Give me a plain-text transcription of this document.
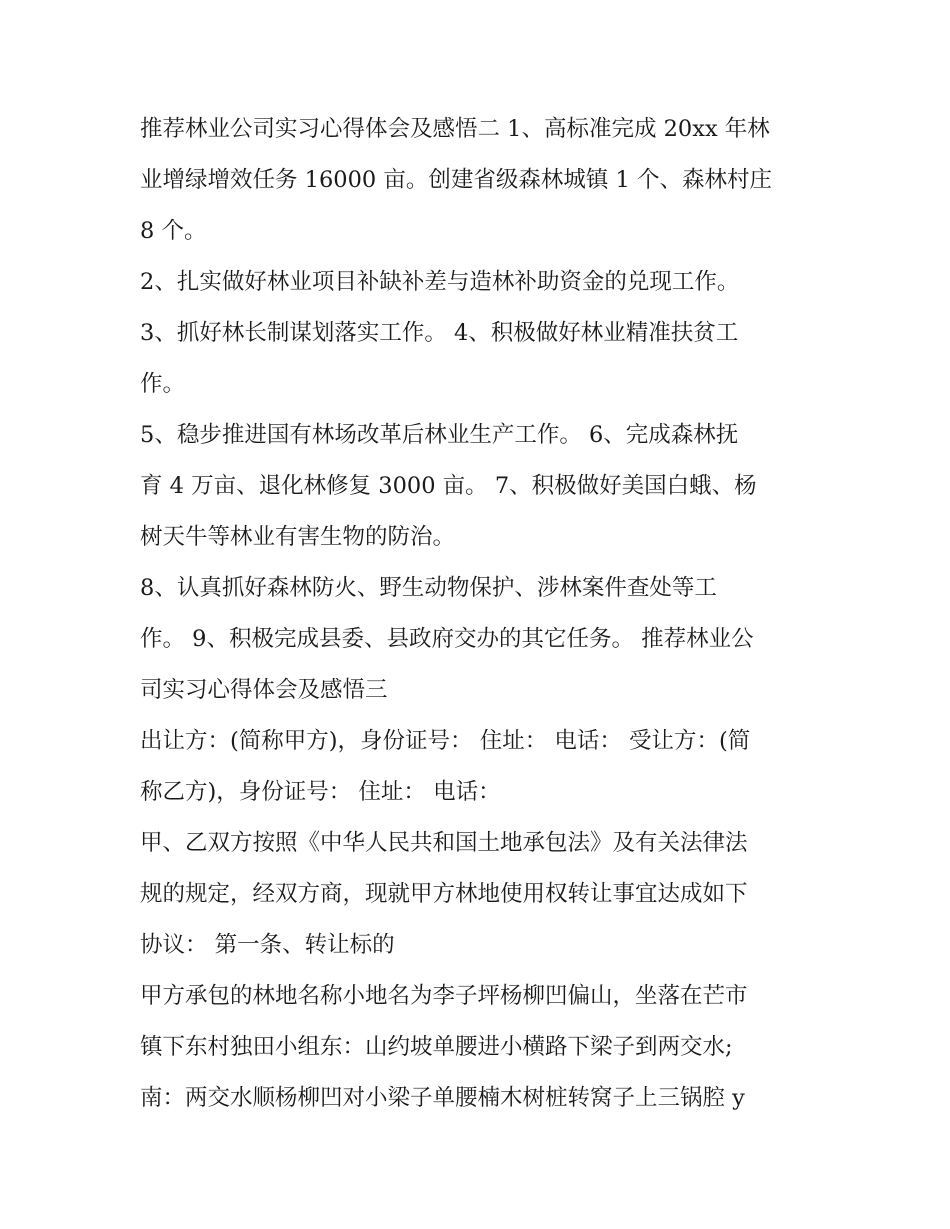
推荐林业公司实习心得体会及感悟二 1、高标准完成 20xx 年林
业增绿增效任务 16000 亩。创建省级森林城镇 1 个、森林村庄
8 个。
2、扎实做好林业项目补缺补差与造林补助资金的兑现工作。
3、抓好林长制谋划落实工作。 4、积极做好林业精准扶贫工
作。
5、稳步推进国有林场改革后林业生产工作。 6、完成森林抚
育 4 万亩、退化林修复 3000 亩。 7、积极做好美国白蛾、杨
树天牛等林业有害生物的防治。
8、认真抓好森林防火、野生动物保护、涉林案件查处等工
作。 9、积极完成县委、县政府交办的其它任务。 推荐林业公
司实习心得体会及感悟三
出让方：(简称甲方)，身份证号： 住址： 电话： 受让方：(简
称乙方)，身份证号： 住址： 电话：
甲、乙双方按照《中华人民共和国土地承包法》及有关法律法
规的规定，经双方商，现就甲方林地使用权转让事宜达成如下
协议： 第一条、转让标的
甲方承包的林地名称小地名为李子坪杨柳凹偏山，坐落在芒市
镇下东村独田小组东：山约坡单腰进小横路下梁子到两交水;
南：两交水顺杨柳凹对小梁子单腰楠木树桩转窝子上三锅腔 y
